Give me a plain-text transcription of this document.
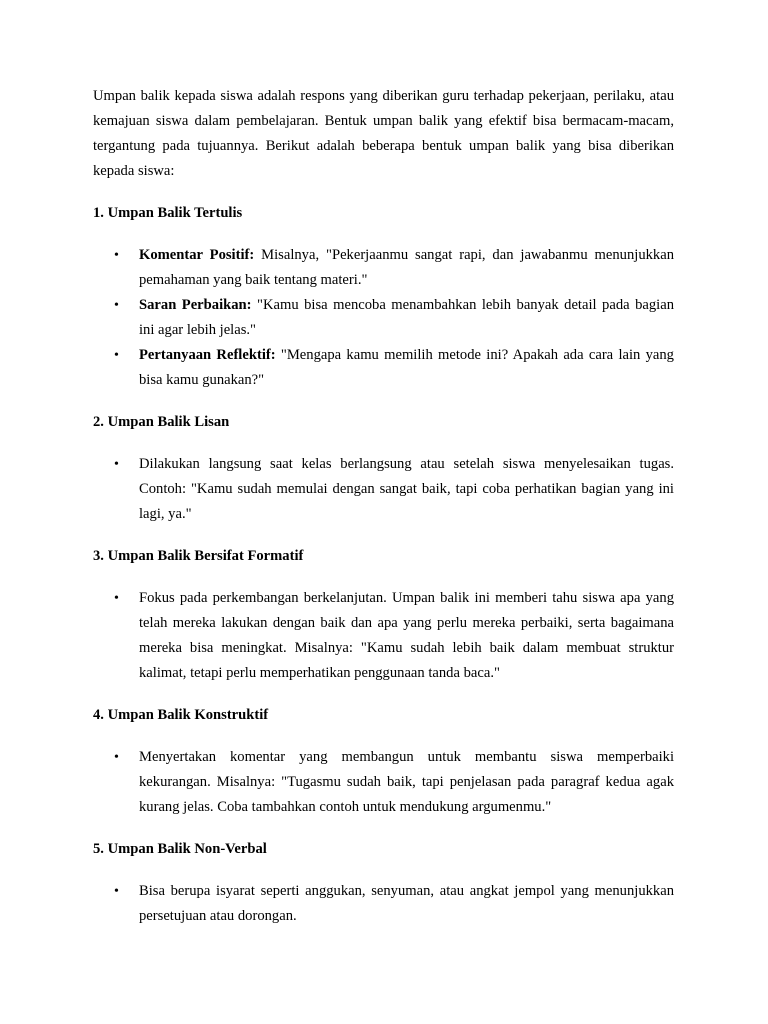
Umpan balik kepada siswa adalah respons yang diberikan guru terhadap pekerjaan, perilaku, atau kemajuan siswa dalam pembelajaran. Bentuk umpan balik yang efektif bisa bermacam-macam, tergantung pada tujuannya. Berikut adalah beberapa bentuk umpan balik yang bisa diberikan kepada siswa:

1. Umpan Balik Tertulis
• Komentar Positif: Misalnya, "Pekerjaanmu sangat rapi, dan jawabanmu menunjukkan pemahaman yang baik tentang materi."
• Saran Perbaikan: "Kamu bisa mencoba menambahkan lebih banyak detail pada bagian ini agar lebih jelas."
• Pertanyaan Reflektif: "Mengapa kamu memilih metode ini? Apakah ada cara lain yang bisa kamu gunakan?"
2. Umpan Balik Lisan
• Dilakukan langsung saat kelas berlangsung atau setelah siswa menyelesaikan tugas. Contoh: "Kamu sudah memulai dengan sangat baik, tapi coba perhatikan bagian yang ini lagi, ya."
3. Umpan Balik Bersifat Formatif
• Fokus pada perkembangan berkelanjutan. Umpan balik ini memberi tahu siswa apa yang telah mereka lakukan dengan baik dan apa yang perlu mereka perbaiki, serta bagaimana mereka bisa meningkat. Misalnya: "Kamu sudah lebih baik dalam membuat struktur kalimat, tetapi perlu memperhatikan penggunaan tanda baca."
4. Umpan Balik Konstruktif
• Menyertakan komentar yang membangun untuk membantu siswa memperbaiki kekurangan. Misalnya: "Tugasmu sudah baik, tapi penjelasan pada paragraf kedua agak kurang jelas. Coba tambahkan contoh untuk mendukung argumenmu."
5. Umpan Balik Non-Verbal
• Bisa berupa isyarat seperti anggukan, senyuman, atau angkat jempol yang menunjukkan persetujuan atau dorongan.
